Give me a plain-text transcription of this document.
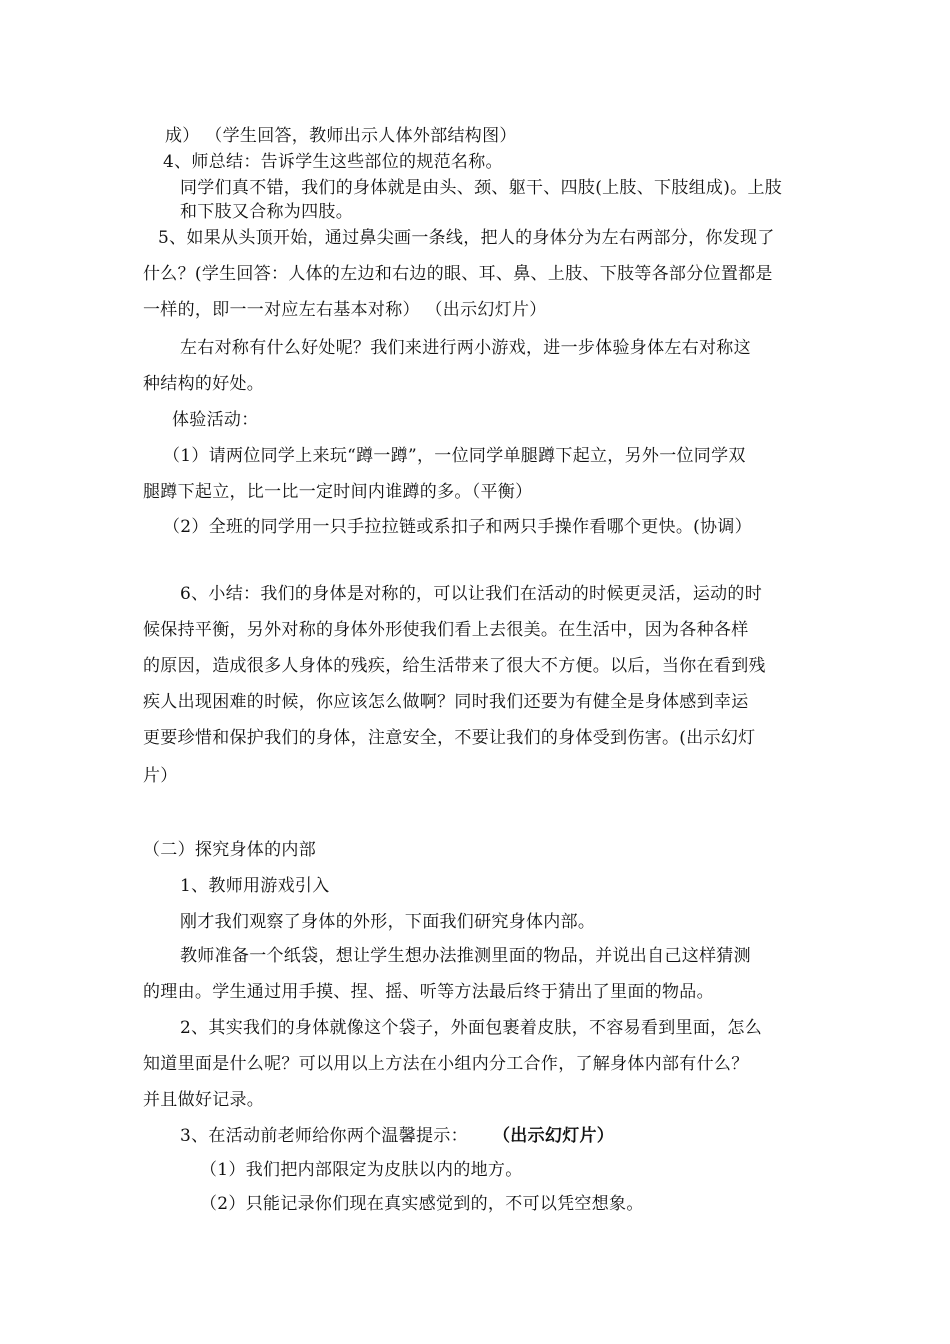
成） （学生回答，教师出示人体外部结构图）
4、师总结：告诉学生这些部位的规范名称。
同学们真不错，我们的身体就是由头、颈、躯干、四肢(上肢、下肢组成)。上肢
和下肢又合称为四肢。
5、如果从头顶开始，通过鼻尖画一条线，把人的身体分为左右两部分，你发现了
什么？(学生回答：人体的左边和右边的眼、耳、鼻、上肢、下肢等各部分位置都是
一样的，即一一对应左右基本对称） （出示幻灯片）
左右对称有什么好处呢？我们来进行两小游戏，进一步体验身体左右对称这
种结构的好处。
体验活动：
（1）请两位同学上来玩“蹲一蹲”，一位同学单腿蹲下起立，另外一位同学双
腿蹲下起立，比一比一定时间内谁蹲的多。（平衡）
（2）全班的同学用一只手拉拉链或系扣子和两只手操作看哪个更快。(协调）
6、小结：我们的身体是对称的，可以让我们在活动的时候更灵活，运动的时
候保持平衡，另外对称的身体外形使我们看上去很美。在生活中，因为各种各样
的原因，造成很多人身体的残疾，给生活带来了很大不方便。以后，当你在看到残
疾人出现困难的时候，你应该怎么做啊？同时我们还要为有健全是身体感到幸运
更要珍惜和保护我们的身体，注意安全，不要让我们的身体受到伤害。(出示幻灯
片）
（二）探究身体的内部
1、教师用游戏引入
刚才我们观察了身体的外形，下面我们研究身体内部。
教师准备一个纸袋，想让学生想办法推测里面的物品，并说出自己这样猜测
的理由。学生通过用手摸、捏、摇、听等方法最后终于猜出了里面的物品。
2、其实我们的身体就像这个袋子，外面包裹着皮肤，不容易看到里面，怎么
知道里面是什么呢？可以用以上方法在小组内分工合作，了解身体内部有什么？
并且做好记录。
3、在活动前老师给你两个温馨提示： （出示幻灯片）
（1）我们把内部限定为皮肤以内的地方。
（2）只能记录你们现在真实感觉到的，不可以凭空想象。
